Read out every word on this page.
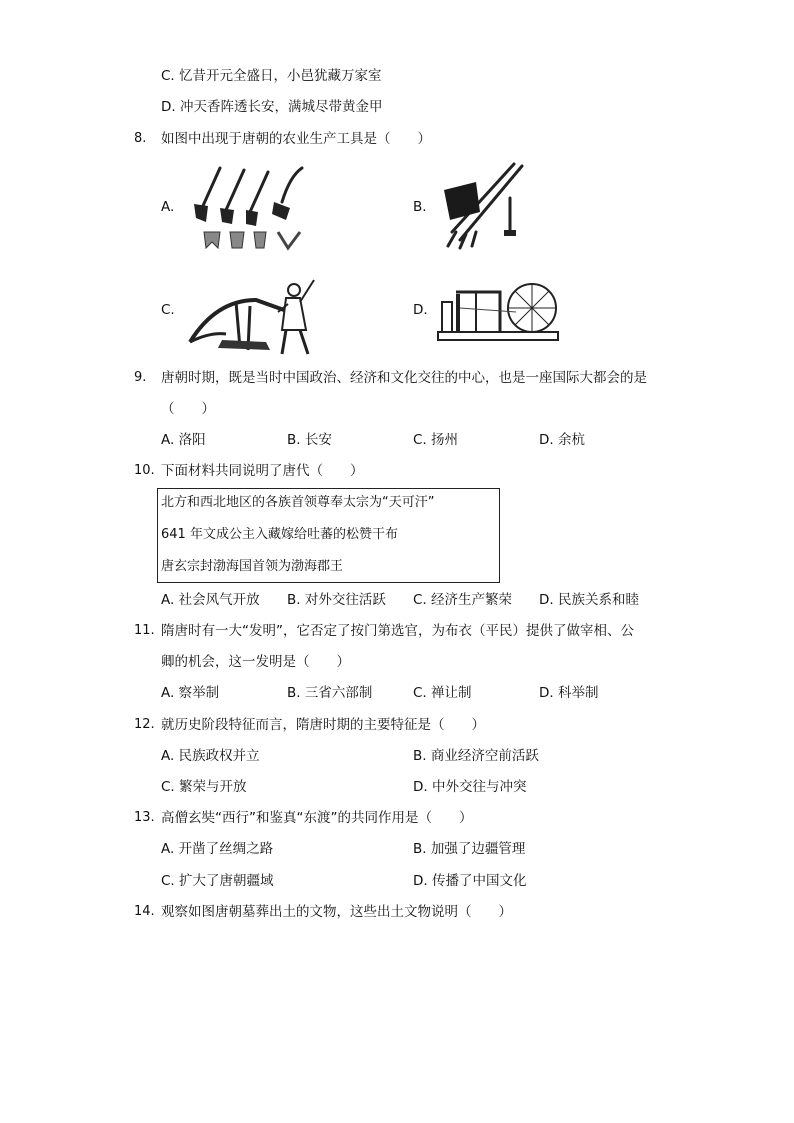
C. 忆昔开元全盛日，小邑犹藏万家室
D. 冲天香阵透长安，满城尽带黄金甲
8. 如图中出现于唐朝的农业生产工具是（　　）
A.	B.
C.	D.
9. 唐朝时期，既是当时中国政治、经济和文化交往的中心，也是一座国际大都会的是
（　　）
A. 洛阳	B. 长安	C. 扬州	D. 余杭
10. 下面材料共同说明了唐代（　　）
北方和西北地区的各族首领尊奉太宗为“天可汗”
641 年文成公主入藏嫁给吐蕃的松赞干布
唐玄宗封渤海国首领为渤海郡王
A. 社会风气开放 B. 对外交往活跃 C. 经济生产繁荣 D. 民族关系和睦
11. 隋唐时有一大“发明”，它否定了按门第选官，为布衣（平民）提供了做宰相、公
卿的机会，这一发明是（　　）
A. 察举制	B. 三省六部制	C. 禅让制	D. 科举制
12. 就历史阶段特征而言，隋唐时期的主要特征是（　　）
A. 民族政权并立	B. 商业经济空前活跃
C. 繁荣与开放	D. 中外交往与冲突
13. 高僧玄奘“西行”和鉴真“东渡”的共同作用是（　　）
A. 开凿了丝绸之路	B. 加强了边疆管理
C. 扩大了唐朝疆域	D. 传播了中国文化
14. 观察如图唐朝墓葬出土的文物，这些出土文物说明（　　）
